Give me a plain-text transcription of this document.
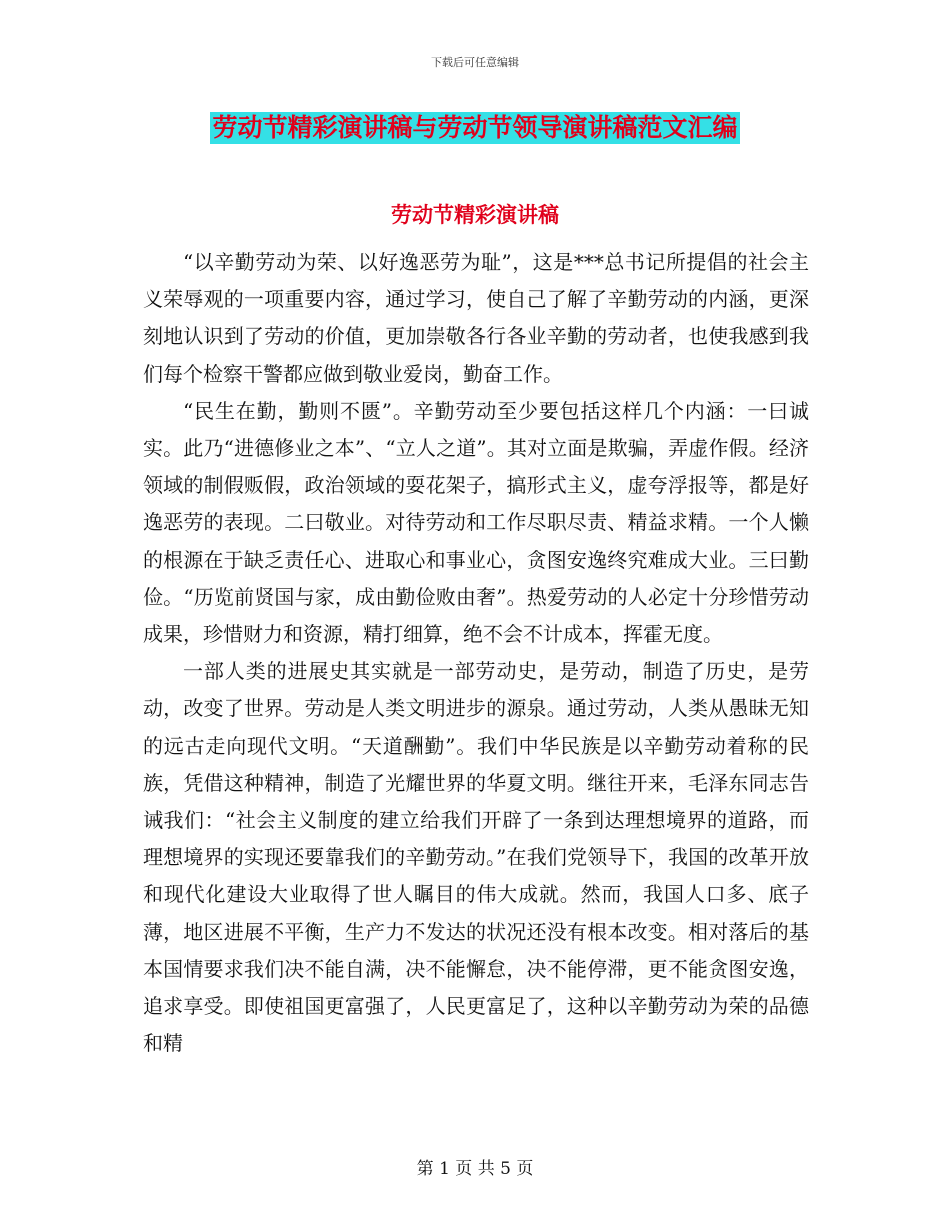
下载后可任意编辑
劳动节精彩演讲稿与劳动节领导演讲稿范文汇编
劳动节精彩演讲稿

“以辛勤劳动为荣、以好逸恶劳为耻”，这是***总书记所提倡的社会主义荣辱观的一项重要内容，通过学习，使自己了解了辛勤劳动的内涵，更深刻地认识到了劳动的价值，更加崇敬各行各业辛勤的劳动者，也使我感到我们每个检察干警都应做到敬业爱岗，勤奋工作。

“民生在勤，勤则不匮”。辛勤劳动至少要包括这样几个内涵：一曰诚实。此乃“进德修业之本”、“立人之道”。其对立面是欺骗，弄虚作假。经济领域的制假贩假，政治领域的耍花架子，搞形式主义，虚夸浮报等，都是好逸恶劳的表现。二曰敬业。对待劳动和工作尽职尽责、精益求精。一个人懒的根源在于缺乏责任心、进取心和事业心，贪图安逸终究难成大业。三曰勤俭。“历览前贤国与家，成由勤俭败由奢”。热爱劳动的人必定十分珍惜劳动成果，珍惜财力和资源，精打细算，绝不会不计成本，挥霍无度。

一部人类的进展史其实就是一部劳动史，是劳动，制造了历史，是劳动，改变了世界。劳动是人类文明进步的源泉。通过劳动，人类从愚昧无知的远古走向现代文明。“天道酬勤”。我们中华民族是以辛勤劳动着称的民族，凭借这种精神，制造了光耀世界的华夏文明。继往开来，毛泽东同志告诫我们：“社会主义制度的建立给我们开辟了一条到达理想境界的道路，而理想境界的实现还要靠我们的辛勤劳动。”在我们党领导下，我国的改革开放和现代化建设大业取得了世人瞩目的伟大成就。然而，我国人口多、底子薄，地区进展不平衡，生产力不发达的状况还没有根本改变。相对落后的基本国情要求我们决不能自满，决不能懈怠，决不能停滞，更不能贪图安逸，追求享受。即使祖国更富强了，人民更富足了，这种以辛勤劳动为荣的品德和精

第 1 页 共 5 页
